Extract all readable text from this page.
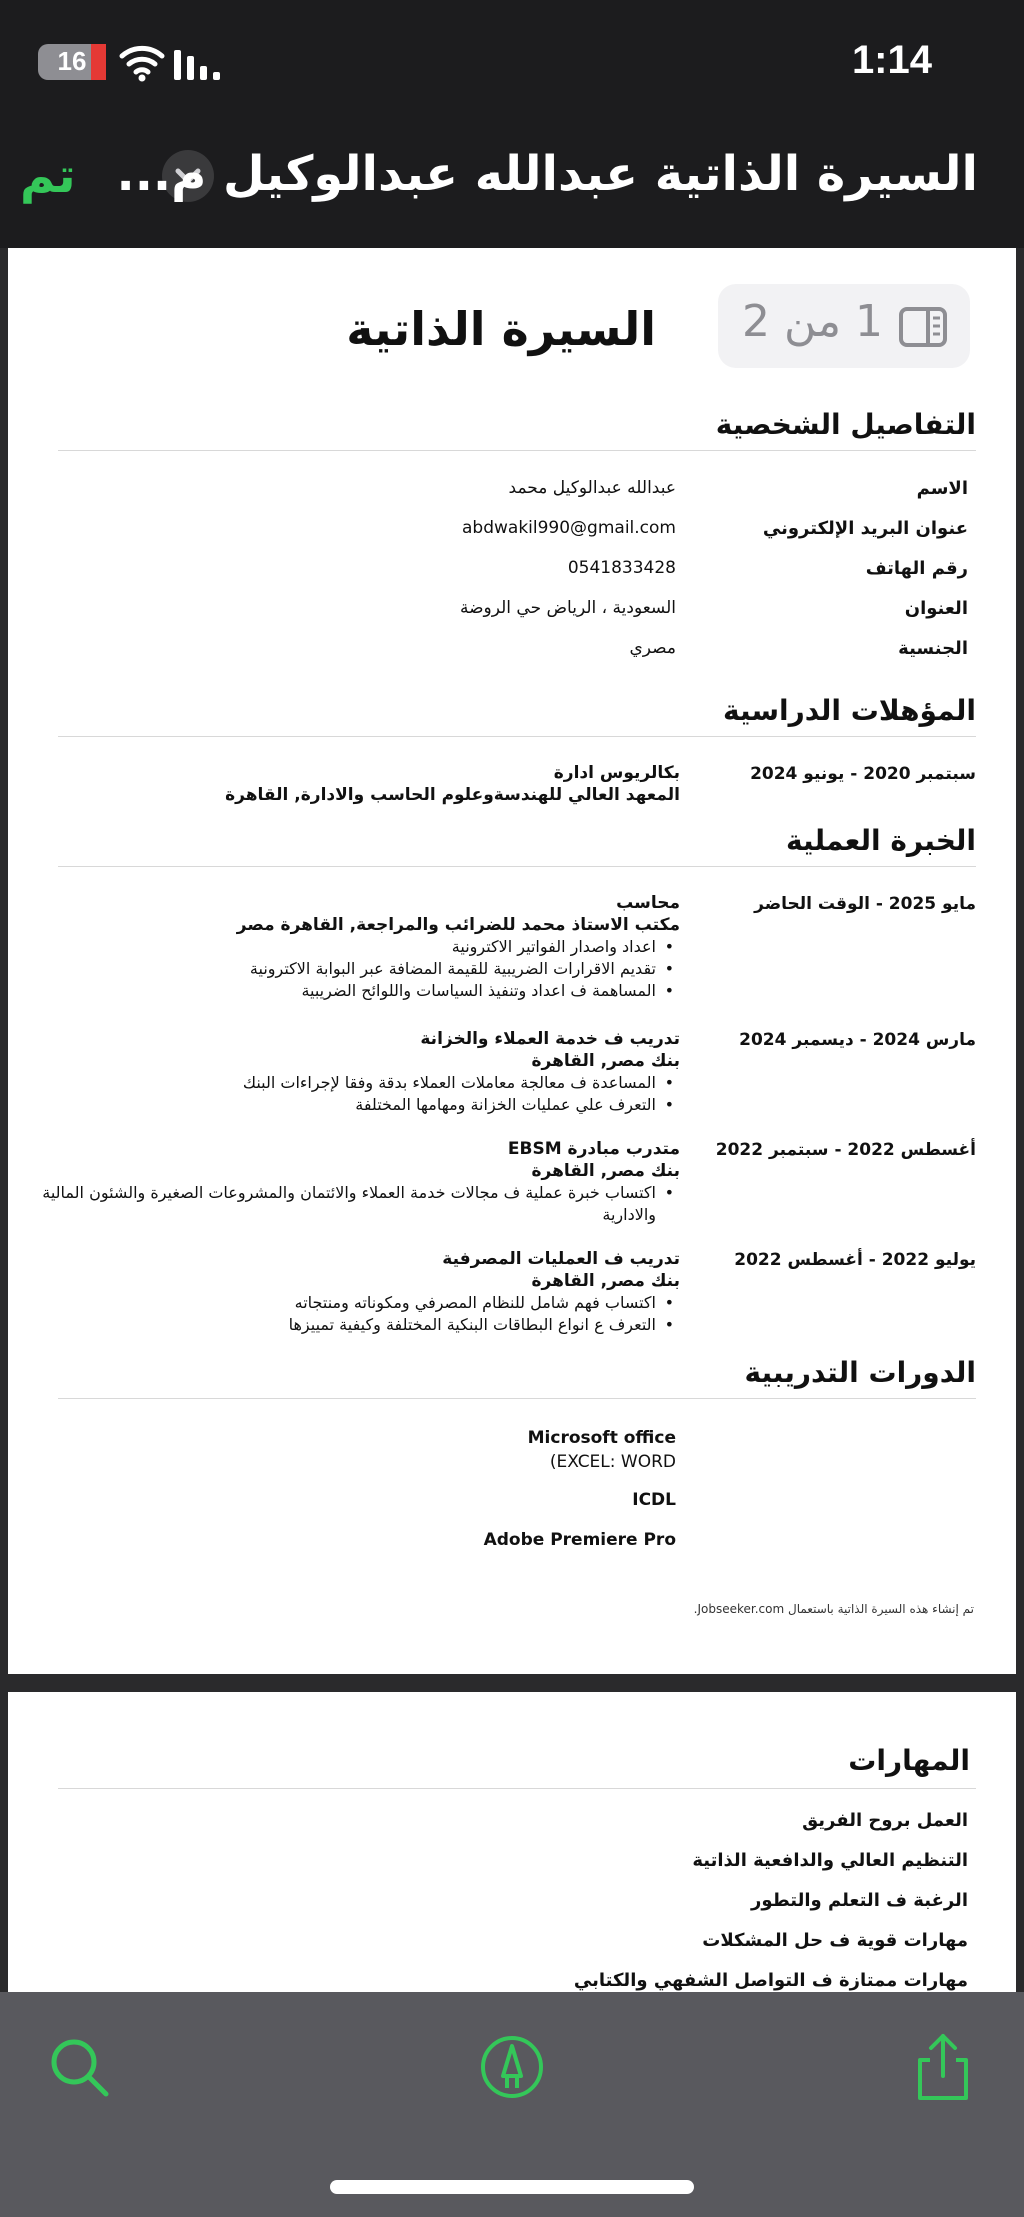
16	1:14
تم السيرة الذاتية عبدالله عبدالوكيل م...
1 من 2
السيرة الذاتية
التفاصيل الشخصية
الاسم
عبدالله عبدالوكيل محمد
عنوان البريد الإلكتروني
abdwakil990@gmail.com
رقم الهاتف
0541833428
العنوان
السعودية ، الرياض حي الروضة
الجنسية
مصري
المؤهلات الدراسية
سبتمبر 2020 - يونيو 2024
بكالريوس ادارة
المعهد العالي للهندسةوعلوم الحاسب والادارة, القاهرة
الخبرة العملية
مايو 2025 - الوقت الحاضر
محاسب
مكتب الاستاذ محمد للضرائب والمراجعة, القاهرة مصر
• اعداد واصدار الفواتير الاكترونية
• تقديم الاقرارات الضريبية للقيمة المضافة عبر البوابة الاكترونية
• المساهمة ف اعداد وتنفيذ السياسات واللوائح الضريبية
مارس 2024 - ديسمبر 2024
تدريب ف خدمة العملاء والخزانة
بنك مصر, القاهرة
• المساعدة ف معالجة معاملات العملاء بدقة وفقا لإجراءات البنك
• التعرف علي عمليات الخزانة ومهامها المختلفة
أغسطس 2022 - سبتمبر 2022
متدرب مبادرة EBSM
بنك مصر, القاهرة
• اكتساب خبرة عملية ف مجالات خدمة العملاء والائتمان والمشروعات الصغيرة والشئون المالية والادارية
يوليو 2022 - أغسطس 2022
تدريب ف العمليات المصرفية
بنك مصر, القاهرة
• اكتساب فهم شامل للنظام المصرفي ومكوناته ومنتجاته
• التعرف ع انواع البطاقات البنكية المختلفة وكيفية تمييزها
الدورات التدريبية
Microsoft office
(EXCEL: WORD
ICDL
Adobe Premiere Pro
تم إنشاء هذه السيرة الذاتية باستعمال Jobseeker.com.
المهارات
العمل بروح الفريق
التنظيم العالي والدافعية الذاتية
الرغبة ف التعلم والتطور
مهارات قوية ف حل المشكلات
مهارات ممتازة ف التواصل الشفهي والكتابي
